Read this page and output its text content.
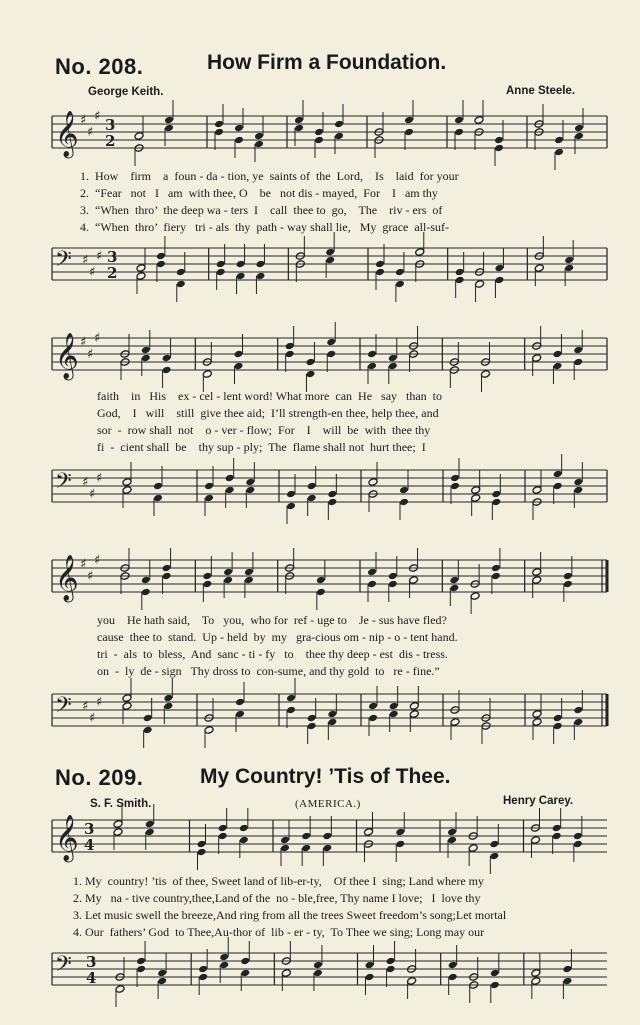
No. 208.	How Firm a Foundation.
George Keith.	Anne Steele.
𝄞 ♯
♯
♯ 3
2
1.  How    firm    a  foun - da - tion, ye  saints of  the  Lord,    Is    laid  for your
2.  “Fear   not   I   am  with thee, O    be   not dis - mayed,  For    I   am thy
3.  “When  thro’  the deep wa - ters  I    call  thee to  go,    The    riv - ers  of
4.  “When  thro’  fiery   tri - als  thy  path - way shall lie,   My  grace  all-suf-
𝄢 ♯
♯
♯ 3
2
𝄞 ♯
♯
♯
faith    in   His    ex - cel - lent word! What more  can  He   say   than  to
God,    I   will    still  give thee aid;  I’ll strength-en thee, help thee, and
sor  -  row shall  not    o - ver - flow;  For    I    will  be  with  thee thy
fi  -  cient shall  be    thy sup - ply;  The  flame shall not  hurt thee;  I
𝄢 ♯
♯
♯
𝄞 ♯
♯
♯
you    He hath said,    To   you,  who for  ref - uge to    Je - sus have fled?
cause  thee to  stand.  Up - held  by  my   gra-cious om - nip - o - tent hand.
tri  -  als  to  bless,  And  sanc - ti - fy   to    thee thy deep - est  dis - tress.
on  -  ly  de - sign   Thy dross to  con-sume, and thy gold  to   re - fine.”
𝄢 ♯
♯
♯
No. 209.	My Country! ’Tis of Thee.
S. F. Smith.	(AMERICA.)	Henry Carey.
𝄞 3
4
1. My  country! ’tis  of thee, Sweet land of lib-er-ty,    Of thee I  sing; Land where my
2. My   na - tive country,thee,Land of the  no - ble,free, Thy name I love;   I  love thy
3. Let music swell the breeze,And ring from all the trees Sweet freedom’s song;Let mortal
4. Our  fathers’ God  to Thee,Au-thor of  lib - er - ty,  To Thee we sing; Long may our
𝄢 3
4
